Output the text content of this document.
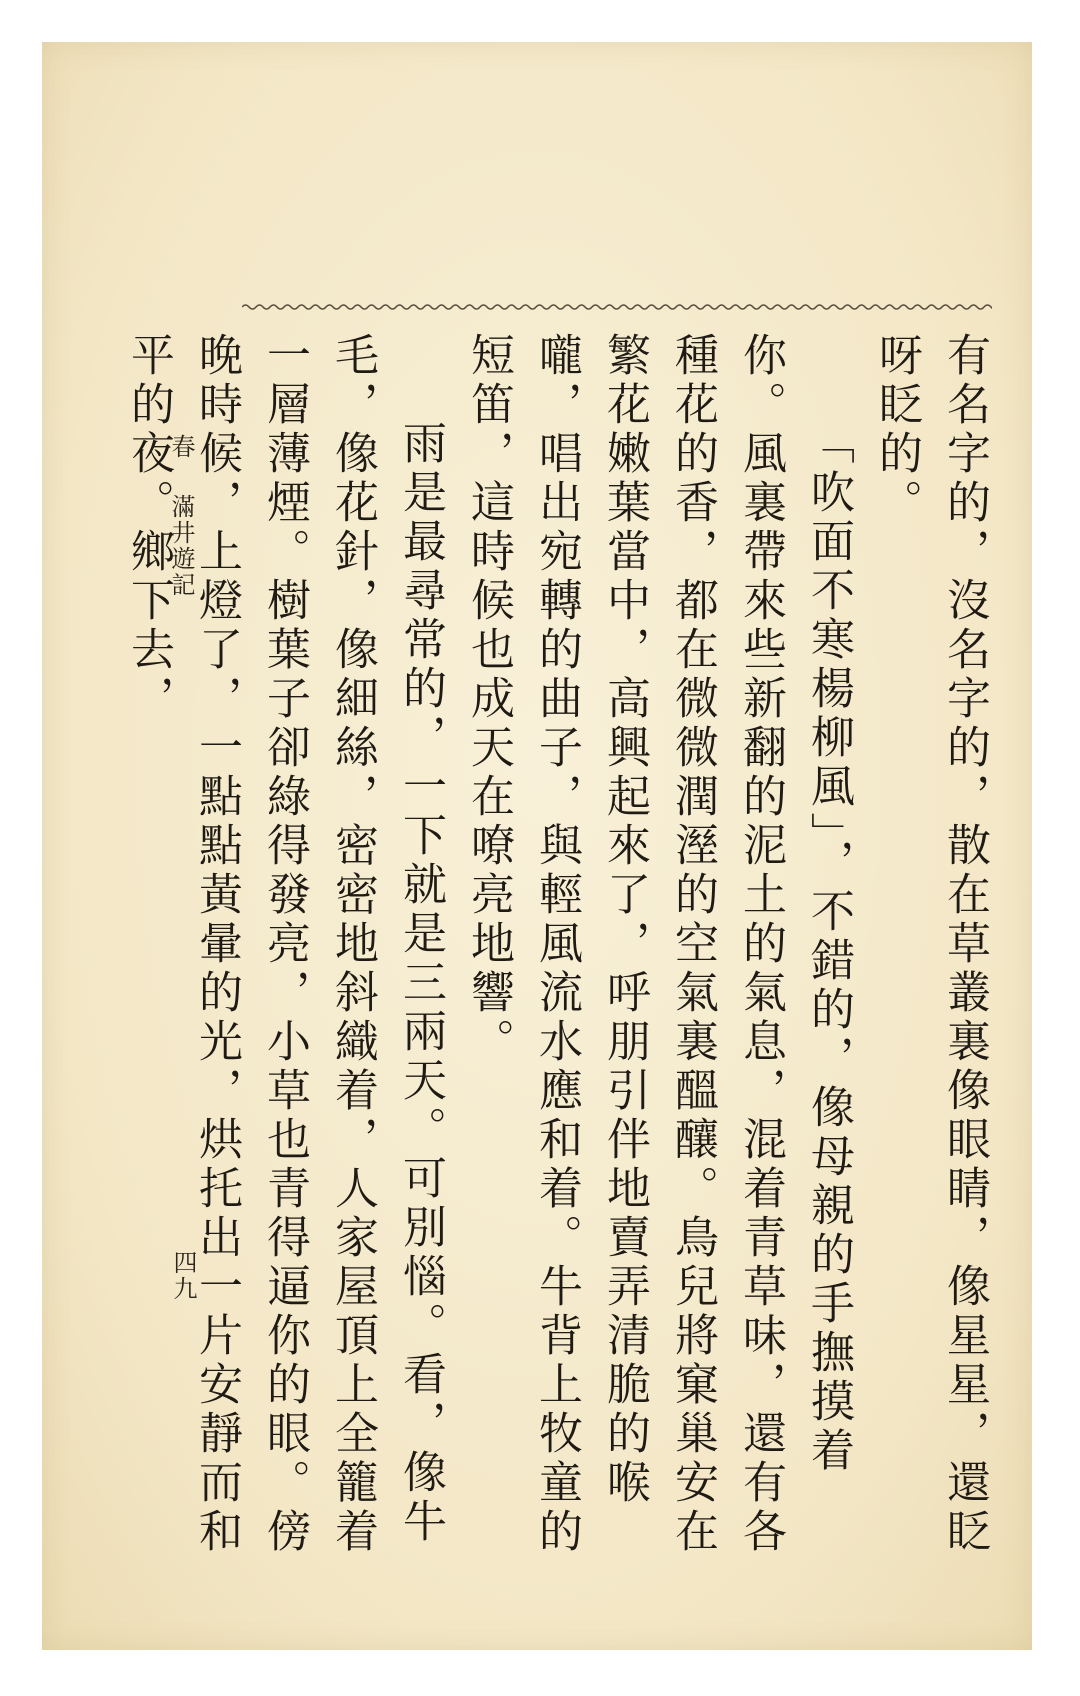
有名字的，沒名字的，散在草叢裏像眼睛，像星星，還眨呀眨的。

「吹面不寒楊柳風」，不錯的，像母親的手撫摸着你。風裏帶來些新翻的泥土的氣息，混着青草味，還有各種花的香，都在微微潤溼的空氣裏醞釀。鳥兒將窠巢安在繁花嫩葉當中，高興起來了，呼朋引伴地賣弄清脆的喉嚨，唱出宛轉的曲子，與輕風流水應和着。牛背上牧童的短笛，這時候也成天在嘹亮地響。

雨是最尋常的，一下就是三兩天。可別惱。看，像牛毛，像花針，像細絲，密密地斜織着，人家屋頂上全籠着一層薄煙。樹葉子卻綠得發亮，小草也青得逼你的眼。傍晚時候，上燈了，一點點黃暈的光，烘托出一片安靜而和平的夜。鄉下去，

春 滿井遊記
四九
